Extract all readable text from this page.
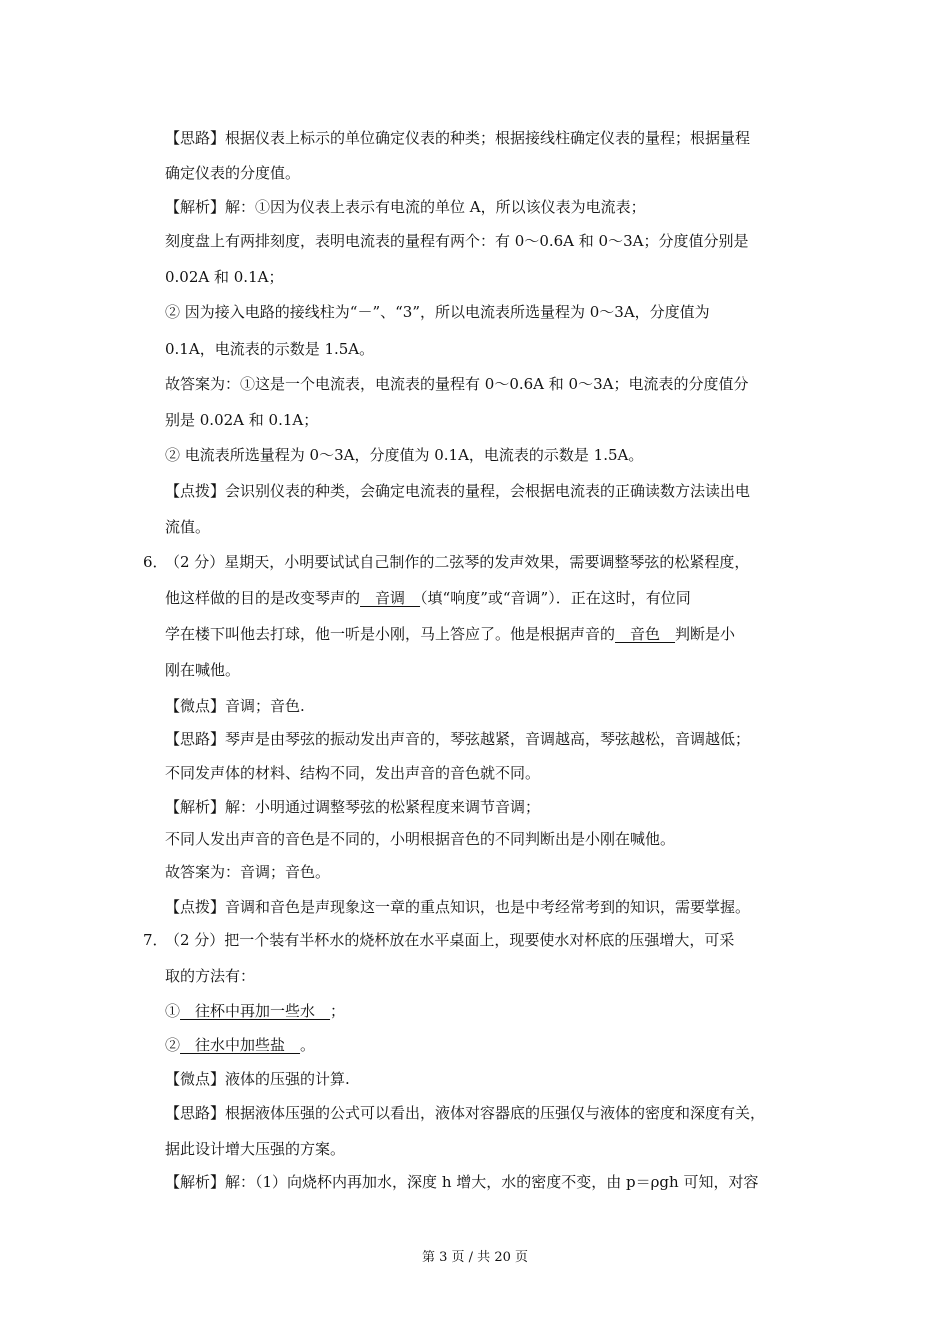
【思路】根据仪表上标示的单位确定仪表的种类；根据接线柱确定仪表的量程；根据量程
确定仪表的分度值。
【解析】解：①因为仪表上表示有电流的单位 A，所以该仪表为电流表；
刻度盘上有两排刻度，表明电流表的量程有两个：有 0～0.6A 和 0～3A；分度值分别是
0.02A 和 0.1A；
② 因为接入电路的接线柱为“－”、“3”，所以电流表所选量程为 0～3A，分度值为
0.1A，电流表的示数是 1.5A。
故答案为：①这是一个电流表，电流表的量程有 0～0.6A 和 0～3A；电流表的分度值分
别是 0.02A 和 0.1A；
② 电流表所选量程为 0～3A，分度值为 0.1A，电流表的示数是 1.5A。
【点拨】会识别仪表的种类，会确定电流表的量程，会根据电流表的正确读数方法读出电
流值。
6．
（2 分）星期天，小明要试试自己制作的二弦琴的发声效果，需要调整琴弦的松紧程度，
他这样做的目的是改变琴声的　音调　（填“响度”或“音调”）．正在这时，有位同
学在楼下叫他去打球，他一听是小刚，马上答应了。他是根据声音的　音色　判断是小
刚在喊他。
【微点】音调；音色.
【思路】琴声是由琴弦的振动发出声音的，琴弦越紧，音调越高，琴弦越松，音调越低；
不同发声体的材料、结构不同，发出声音的音色就不同。
【解析】解：小明通过调整琴弦的松紧程度来调节音调；
不同人发出声音的音色是不同的，小明根据音色的不同判断出是小刚在喊他。
故答案为：音调；音色。
【点拨】音调和音色是声现象这一章的重点知识，也是中考经常考到的知识，需要掌握。
7．
（2 分）把一个装有半杯水的烧杯放在水平桌面上，现要使水对杯底的压强增大，可采
取的方法有：
①　往杯中再加一些水　；
②　往水中加些盐　。
【微点】液体的压强的计算.
【思路】根据液体压强的公式可以看出，液体对容器底的压强仅与液体的密度和深度有关，
据此设计增大压强的方案。
【解析】解：（1）向烧杯内再加水，深度 h 增大，水的密度不变，由 p＝ρgh 可知，对容
第 3 页 / 共 20 页
